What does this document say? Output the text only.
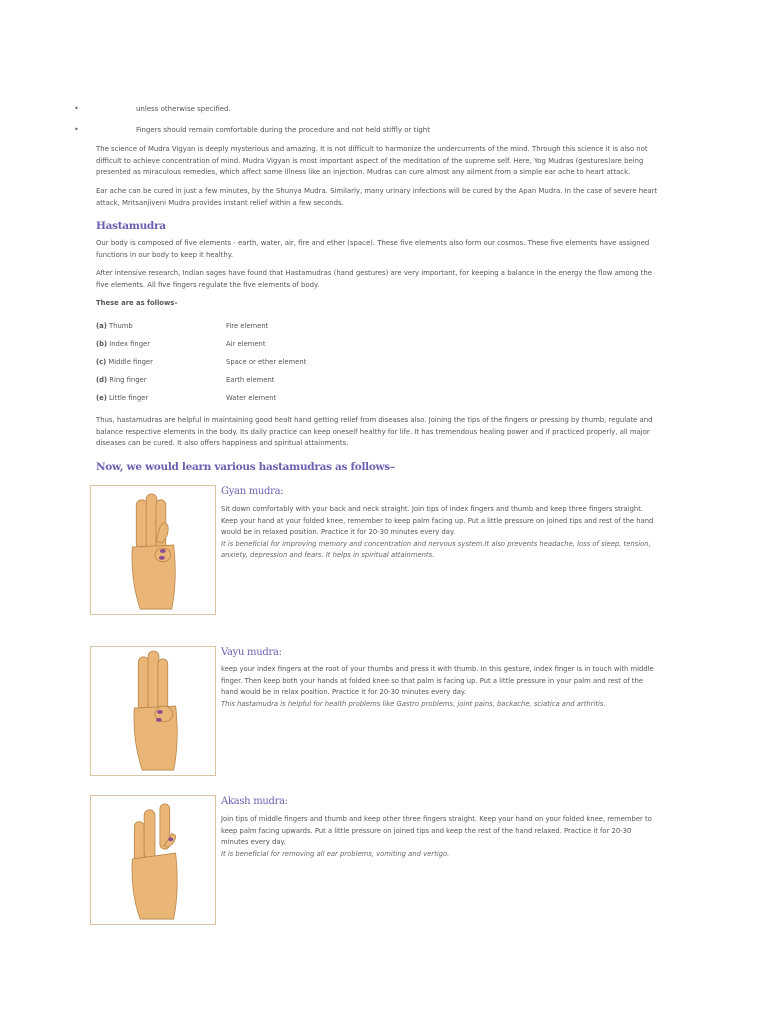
•	unless otherwise specified.
•	Fingers should remain comfortable during the procedure and not held stiffly or tight

The science of Mudra Vigyan is deeply mysterious and amazing. It is not difficult to harmonize the undercurrents of the mind. Through this science it is also not difficult to achieve concentration of mind. Mudra Vigyan is most important aspect of the meditation of the supreme self. Here, Yog Mudras (gestures)are being presented as miraculous remedies, which affect some illness like an injection. Mudras can cure almost any ailment from a simple ear ache to heart attack.

Ear ache can be cured in just a few minutes, by the Shunya Mudra. Similarly, many urinary infections will be cured by the Apan Mudra. In the case of severe heart attack, Mritsanjiveni Mudra provides instant relief within a few seconds.

Hastamudra

Our body is composed of five elements - earth, water, air, fire and ether (space). These five elements also form our cosmos. These five elements have assigned functions in our body to keep it healthy.

After intensive research, Indian sages have found that Hastamudras (hand gestures) are very important, for keeping a balance in the energy the flow among the five elements. All five fingers regulate the five elements of body.

These are as follows–
(a) Thumb	Fire element
(b) Index finger	Air element
(c) Middle finger	Space or ether element
(d) Ring finger	Earth element
(e) Little finger	Water element

Thus, hastamudras are helpful in maintaining good healt hand getting relief from diseases also. Joining the tips of the fingers or pressing by thumb, regulate and balance respective elements in the body. Its daily practice can keep oneself healthy for life. It has tremendous healing power and if practiced properly, all major diseases can be cured. It also offers happiness and spiritual attainments.

Now, we would learn various hastamudras as follows–
Gyan mudra:
Sit down comfortably with your back and neck straight. Join tips of index fingers and thumb and keep three fingers straight.
Keep your hand at your folded knee, remember to keep palm facing up. Put a little pressure on joined tips and rest of the hand
would be in relaxed position. Practice it for 20-30 minutes every day.
It is beneficial for improving memory and concentration and nervous system.It also prevents headache, loss of sleep, tension,
anxiety, depression and fears. It helps in spiritual attainments.
Vayu mudra:
keep your index fingers at the root of your thumbs and press it with thumb. In this gesture, index finger is in touch with middle
finger. Then keep both your hands at folded knee so that palm is facing up. Put a little pressure in your palm and rest of the
hand would be in relax position. Practice it for 20-30 minutes every day.
This hastamudra is helpful for health problems like Gastro problems, joint pains, backache, sciatica and arthritis.
Akash mudra:
Join tips of middle fingers and thumb and keep other three fingers straight. Keep your hand on your folded knee, remember to
keep palm facing upwards. Put a little pressure on joined tips and keep the rest of the hand relaxed. Practice it for 20-30
minutes every day.
It is beneficial for removing all ear problems, vomiting and vertigo.
